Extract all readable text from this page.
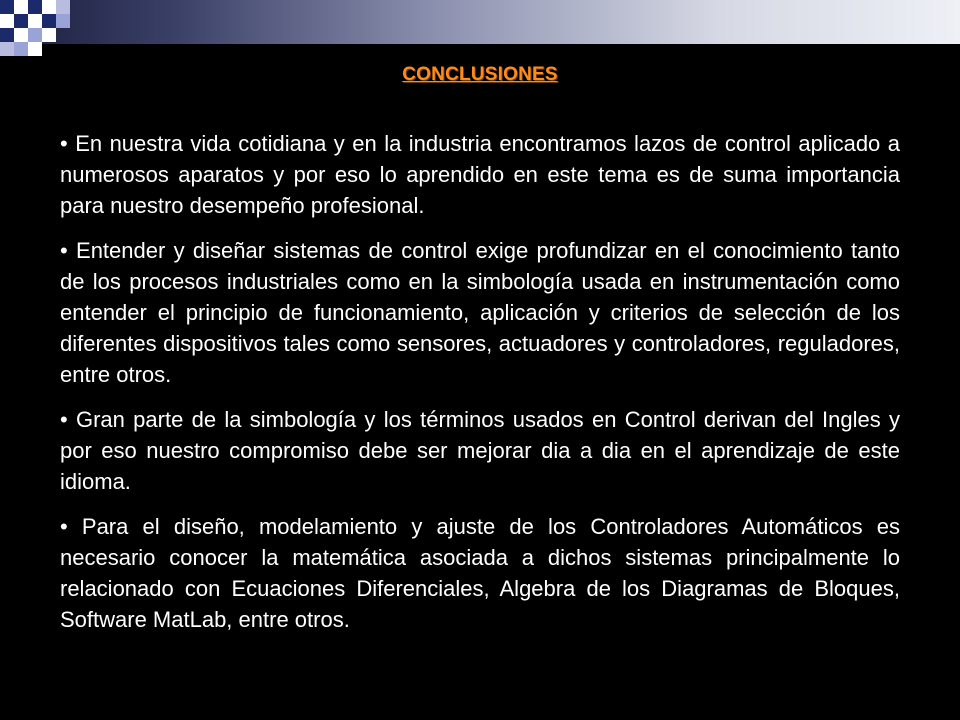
CONCLUSIONES

• En nuestra vida cotidiana y en la industria encontramos lazos de control aplicado a numerosos aparatos y por eso lo aprendido en este tema es de suma importancia para nuestro desempeño profesional.

• Entender y diseñar sistemas de control exige profundizar en el conocimiento tanto de los procesos industriales como en la simbología usada en instrumentación como entender el principio de funcionamiento, aplicación y criterios de selección de los diferentes dispositivos tales como sensores, actuadores y controladores, reguladores, entre otros.

• Gran parte de la simbología y los términos usados en Control derivan del Ingles y por eso nuestro compromiso debe ser mejorar dia a dia en el aprendizaje de este idioma.

• Para el diseño, modelamiento y ajuste de los Controladores Automáticos es necesario conocer la matemática asociada a dichos sistemas principalmente lo relacionado con Ecuaciones Diferenciales, Algebra de los Diagramas de Bloques, Software MatLab, entre otros.
